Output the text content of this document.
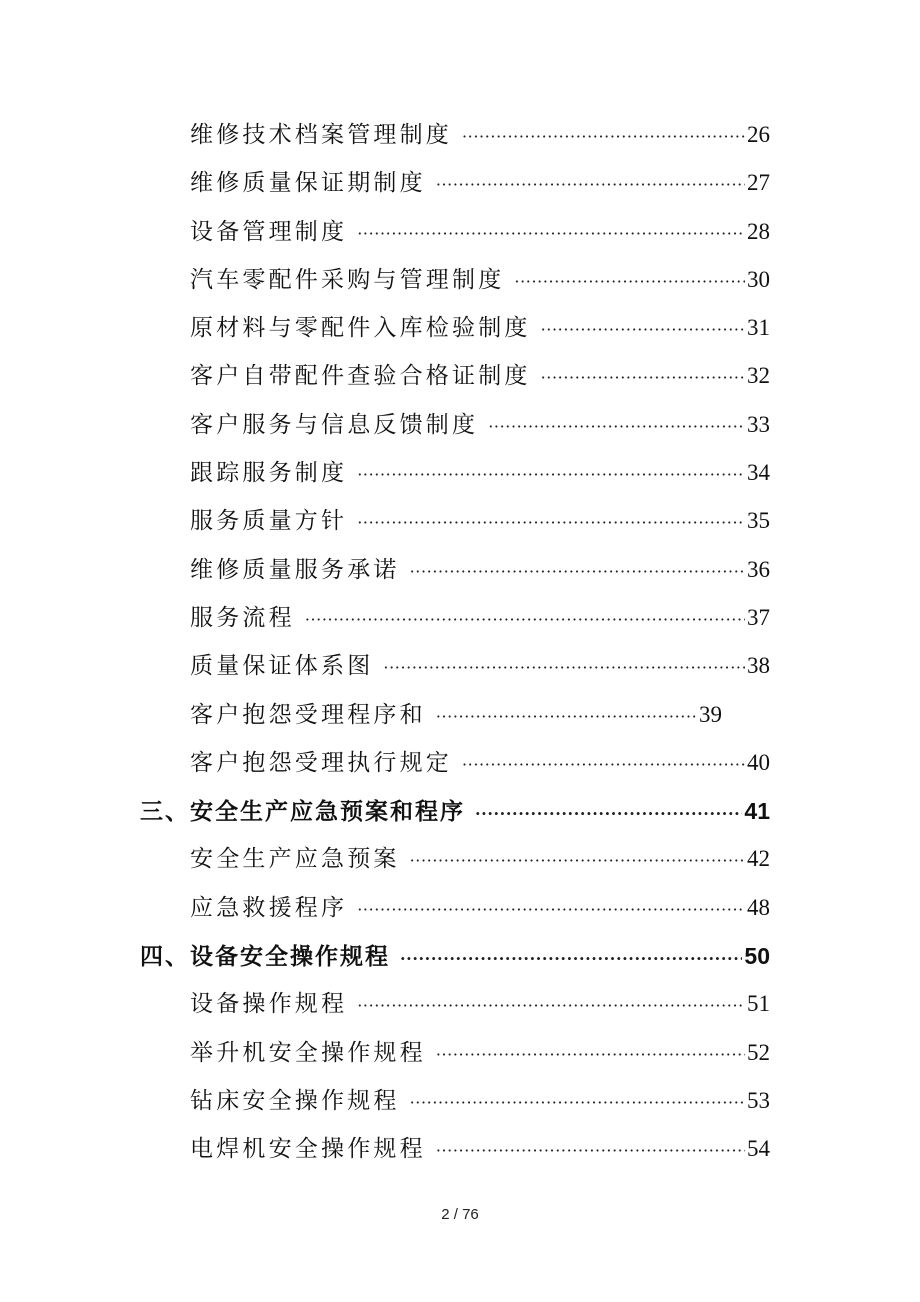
维修技术档案管理制度 ·····	26
维修质量保证期制度 ·····	27
设备管理制度 ·····	28
汽车零配件采购与管理制度 ·····	30
原材料与零配件入库检验制度 ·····	31
客户自带配件查验合格证制度 ·····	32
客户服务与信息反馈制度 ·····	33
跟踪服务制度 ·····	34
服务质量方针 ·····	35
维修质量服务承诺 ·····	36
服务流程 ·····	37
质量保证体系图 ·····	38
客户抱怨受理程序和 ·····	39
客户抱怨受理执行规定 ·····	40
三、安全生产应急预案和程序 ·····	41
安全生产应急预案 ·····	42
应急救援程序 ·····	48
四、设备安全操作规程 ·····	50
设备操作规程 ·····	51
举升机安全操作规程 ·····	52
钻床安全操作规程 ·····	53
电焊机安全操作规程 ·····	54
2 / 76
